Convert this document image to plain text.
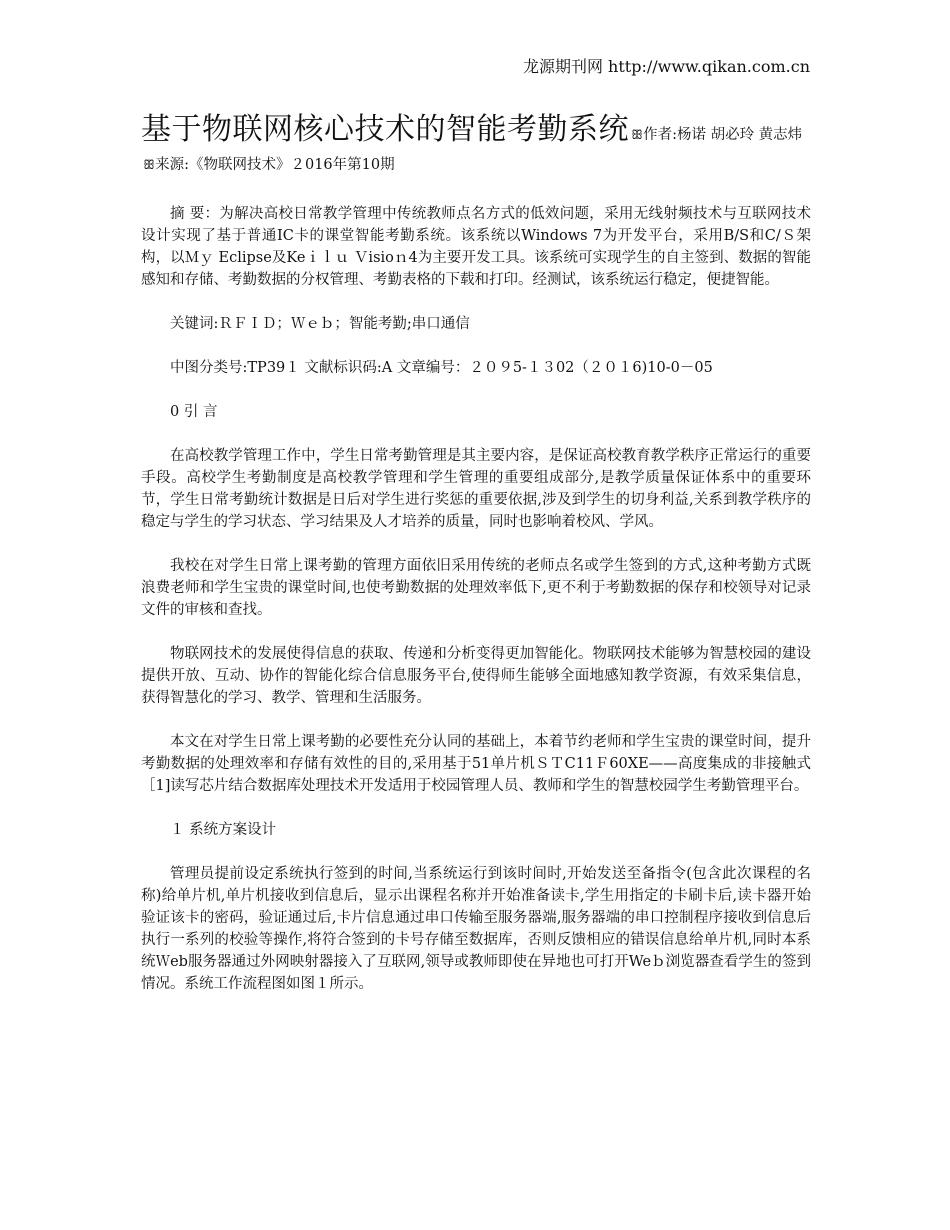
龙源期刊网 http://www.qikan.com.cn

基于物联网核心技术的智能考勤系统 ꕥ作者:杨诺 胡必玲 黄志炜ꕥ来源:《物联网技术》２016年第10期

摘 要：为解决高校日常教学管理中传统教师点名方式的低效问题，采用无线射频技术与互联网技术设计实现了基于普通IC卡的课堂智能考勤系统。该系统以Windows 7为开发平台，采用B/S和C/Ｓ架构，以Ｍｙ Eclipse及Keｉｌｕ Ｖisioｎ4为主要开发工具。该系统可实现学生的自主签到、数据的智能感知和存储、考勤数据的分权管理、考勤表格的下载和打印。经测试，该系统运行稳定，便捷智能。

关键词:ＲＦＩＤ；Ｗｅｂ；智能考勤;串口通信

中图分类号:TP39１ 文献标识码:A 文章编号：２０９5-１３02（２０１6)10-0－05

0 引 言

在高校教学管理工作中，学生日常考勤管理是其主要内容，是保证高校教育教学秩序正常运行的重要手段。高校学生考勤制度是高校教学管理和学生管理的重要组成部分,是教学质量保证体系中的重要环节，学生日常考勤统计数据是日后对学生进行奖惩的重要依据,涉及到学生的切身利益,关系到教学秩序的稳定与学生的学习状态、学习结果及人才培养的质量，同时也影响着校风、学风。

我校在对学生日常上课考勤的管理方面依旧采用传统的老师点名或学生签到的方式,这种考勤方式既浪费老师和学生宝贵的课堂时间,也使考勤数据的处理效率低下,更不利于考勤数据的保存和校领导对记录文件的审核和查找。

物联网技术的发展使得信息的获取、传递和分析变得更加智能化。物联网技术能够为智慧校园的建设提供开放、互动、协作的智能化综合信息服务平台,使得师生能够全面地感知教学资源，有效采集信息，获得智慧化的学习、教学、管理和生活服务。

本文在对学生日常上课考勤的必要性充分认同的基础上，本着节约老师和学生宝贵的课堂时间，提升考勤数据的处理效率和存储有效性的目的,采用基于51单片机ＳＴC11Ｆ60XE——高度集成的非接触式［1]读写芯片结合数据库处理技术开发适用于校园管理人员、教师和学生的智慧校园学生考勤管理平台。

１ 系统方案设计

管理员提前设定系统执行签到的时间,当系统运行到该时间时,开始发送至备指令(包含此次课程的名称)给单片机,单片机接收到信息后，显示出课程名称并开始准备读卡,学生用指定的卡刷卡后,读卡器开始验证该卡的密码，验证通过后,卡片信息通过串口传输至服务器端,服务器端的串口控制程序接收到信息后执行一系列的校验等操作,将符合签到的卡号存储至数据库，否则反馈相应的错误信息给单片机,同时本系统Ｗeb服务器通过外网映射器接入了互联网,领导或教师即使在异地也可打开Weｂ浏览器查看学生的签到情况。系统工作流程图如图１所示。
